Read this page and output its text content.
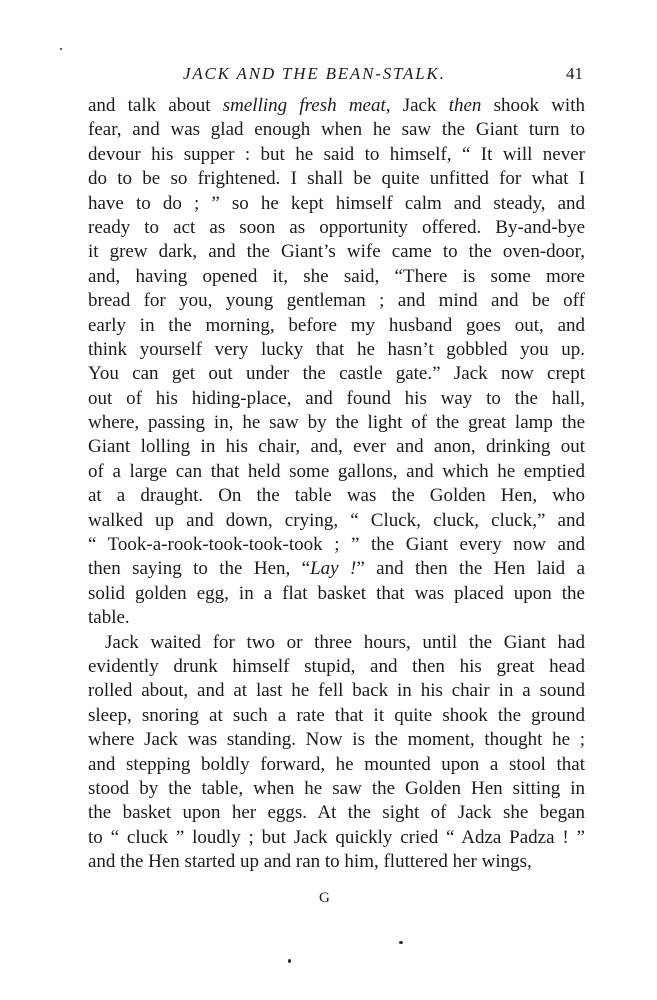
JACK AND THE BEAN-STALK.	41
and talk about smelling fresh meat, Jack then shook with
fear, and was glad enough when he saw the Giant turn to
devour his supper : but he said to himself, “ It will never
do to be so frightened. I shall be quite unfitted for what I
have to do ; ” so he kept himself calm and steady, and
ready to act as soon as opportunity offered. By-and-bye
it grew dark, and the Giant’s wife came to the oven-door,
and, having opened it, she said, “There is some more
bread for you, young gentleman ; and mind and be off
early in the morning, before my husband goes out, and
think yourself very lucky that he hasn’t gobbled you up.
You can get out under the castle gate.” Jack now crept
out of his hiding-place, and found his way to the hall,
where, passing in, he saw by the light of the great lamp the
Giant lolling in his chair, and, ever and anon, drinking out
of a large can that held some gallons, and which he emptied
at a draught. On the table was the Golden Hen, who
walked up and down, crying, “ Cluck, cluck, cluck,” and
“ Took-a-rook-took-took-took ; ” the Giant every now and
then saying to the Hen, “Lay !” and then the Hen laid a
solid golden egg, in a flat basket that was placed upon the
table.
Jack waited for two or three hours, until the Giant had
evidently drunk himself stupid, and then his great head
rolled about, and at last he fell back in his chair in a sound
sleep, snoring at such a rate that it quite shook the ground
where Jack was standing. Now is the moment, thought he ;
and stepping boldly forward, he mounted upon a stool that
stood by the table, when he saw the Golden Hen sitting in
the basket upon her eggs. At the sight of Jack she began
to “ cluck ” loudly ; but Jack quickly cried “ Adza Padza ! ”
and the Hen started up and ran to him, fluttered her wings,
G
